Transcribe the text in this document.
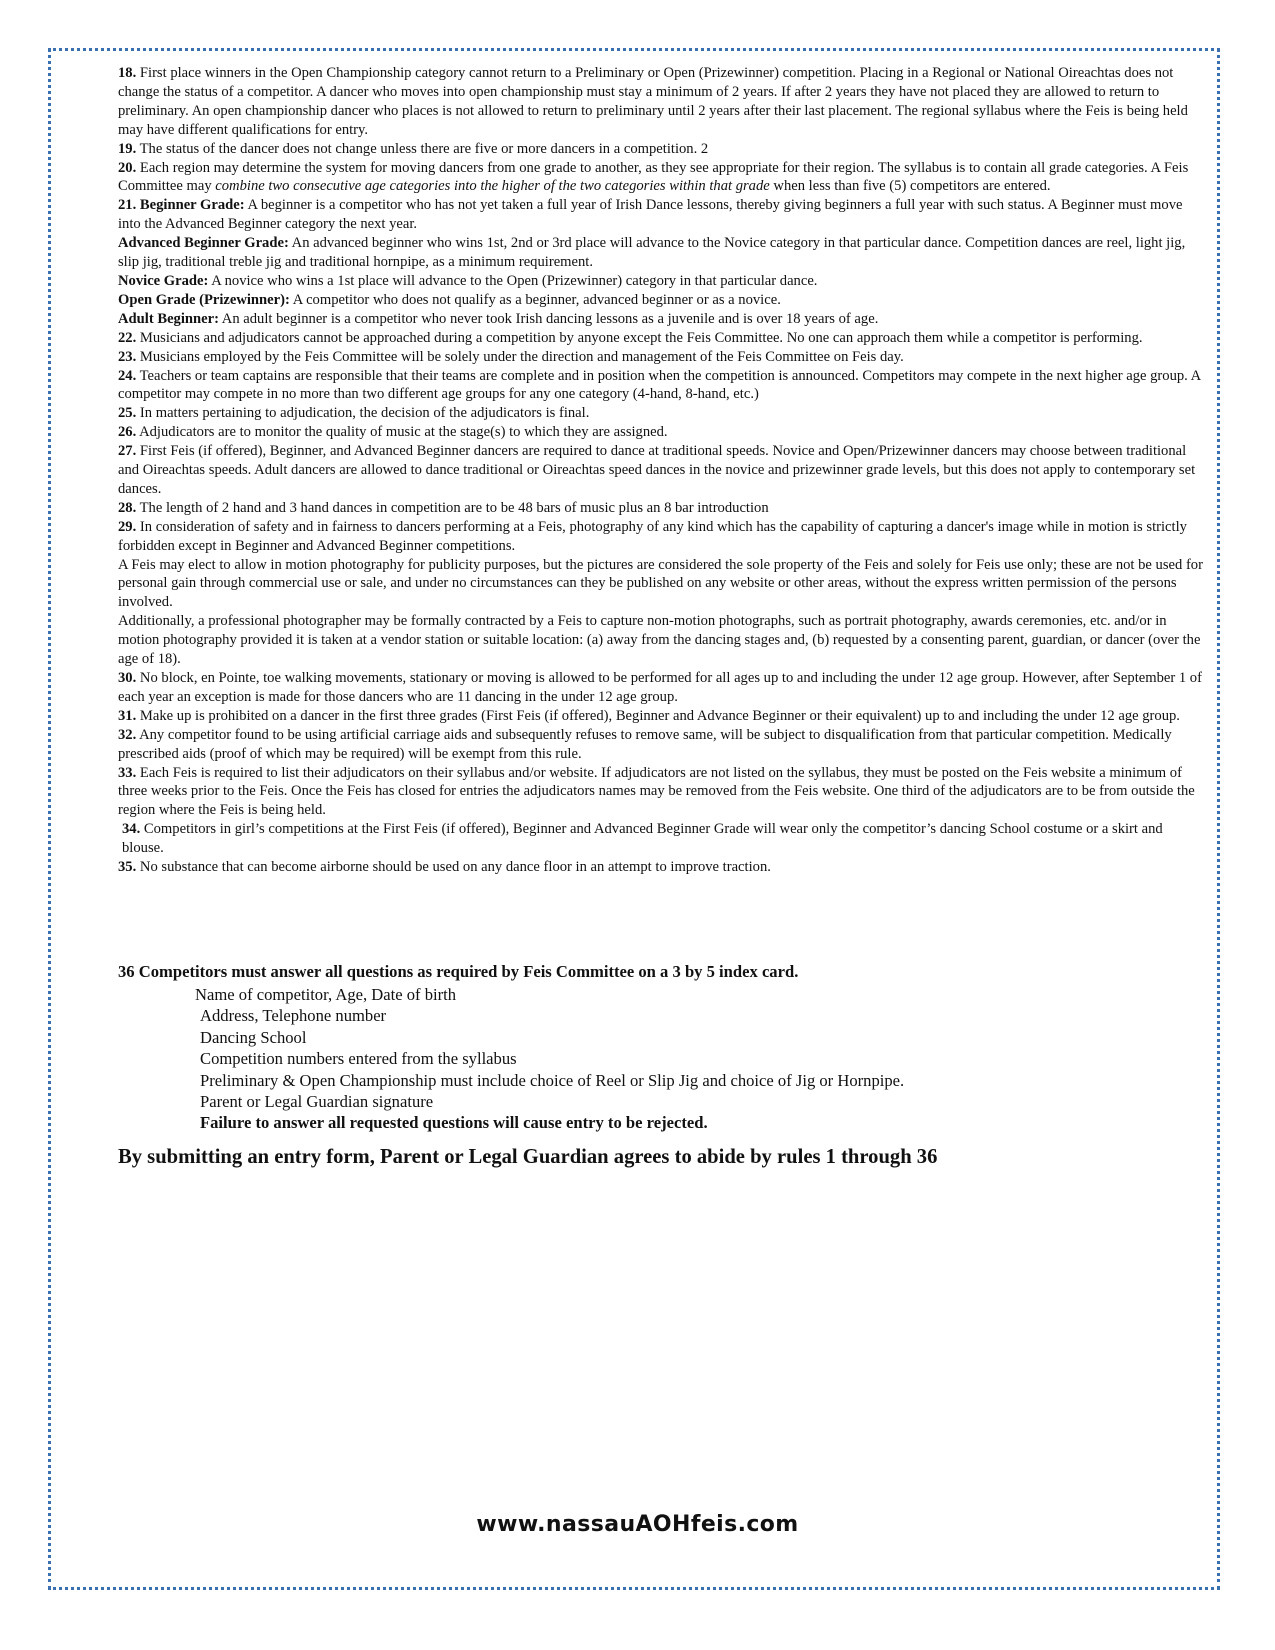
18. First place winners in the Open Championship category cannot return to a Preliminary or Open (Prizewinner) competition. Placing in a Regional or National Oireachtas does not change the status of a competitor. A dancer who moves into open championship must stay a minimum of 2 years. If after 2 years they have not placed they are allowed to return to preliminary. An open championship dancer who places is not allowed to return to preliminary until 2 years after their last placement. The regional syllabus where the Feis is being held may have different qualifications for entry.

19. The status of the dancer does not change unless there are five or more dancers in a competition. 2

20. Each region may determine the system for moving dancers from one grade to another, as they see appropriate for their region. The syllabus is to contain all grade categories. A Feis Committee may combine two consecutive age categories into the higher of the two categories within that grade when less than five (5) competitors are entered.

21. Beginner Grade: A beginner is a competitor who has not yet taken a full year of Irish Dance lessons, thereby giving beginners a full year with such status. A Beginner must move into the Advanced Beginner category the next year.

Advanced Beginner Grade: An advanced beginner who wins 1st, 2nd or 3rd place will advance to the Novice category in that particular dance. Competition dances are reel, light jig, slip jig, traditional treble jig and traditional hornpipe, as a minimum requirement.

Novice Grade: A novice who wins a 1st place will advance to the Open (Prizewinner) category in that particular dance.

Open Grade (Prizewinner): A competitor who does not qualify as a beginner, advanced beginner or as a novice.

Adult Beginner: An adult beginner is a competitor who never took Irish dancing lessons as a juvenile and is over 18 years of age.

22. Musicians and adjudicators cannot be approached during a competition by anyone except the Feis Committee. No one can approach them while a competitor is performing.

23. Musicians employed by the Feis Committee will be solely under the direction and management of the Feis Committee on Feis day.

24. Teachers or team captains are responsible that their teams are complete and in position when the competition is announced. Competitors may compete in the next higher age group. A competitor may compete in no more than two different age groups for any one category (4-hand, 8-hand, etc.)

25. In matters pertaining to adjudication, the decision of the adjudicators is final.

26. Adjudicators are to monitor the quality of music at the stage(s) to which they are assigned.

27. First Feis (if offered), Beginner, and Advanced Beginner dancers are required to dance at traditional speeds. Novice and Open/Prizewinner dancers may choose between traditional and Oireachtas speeds. Adult dancers are allowed to dance traditional or Oireachtas speed dances in the novice and prizewinner grade levels, but this does not apply to contemporary set dances.

28. The length of 2 hand and 3 hand dances in competition are to be 48 bars of music plus an 8 bar introduction

29. In consideration of safety and in fairness to dancers performing at a Feis, photography of any kind which has the capability of capturing a dancer's image while in motion is strictly forbidden except in Beginner and Advanced Beginner competitions.

A Feis may elect to allow in motion photography for publicity purposes, but the pictures are considered the sole property of the Feis and solely for Feis use only; these are not be used for personal gain through commercial use or sale, and under no circumstances can they be published on any website or other areas, without the express written permission of the persons involved.

Additionally, a professional photographer may be formally contracted by a Feis to capture non-motion photographs, such as portrait photography, awards ceremonies, etc. and/or in motion photography provided it is taken at a vendor station or suitable location: (a) away from the dancing stages and, (b) requested by a consenting parent, guardian, or dancer (over the age of 18).

30. No block, en Pointe, toe walking movements, stationary or moving is allowed to be performed for all ages up to and including the under 12 age group. However, after September 1 of each year an exception is made for those dancers who are 11 dancing in the under 12 age group.

31. Make up is prohibited on a dancer in the first three grades (First Feis (if offered), Beginner and Advance Beginner or their equivalent) up to and including the under 12 age group.

32. Any competitor found to be using artificial carriage aids and subsequently refuses to remove same, will be subject to disqualification from that particular competition. Medically prescribed aids (proof of which may be required) will be exempt from this rule.

33. Each Feis is required to list their adjudicators on their syllabus and/or website. If adjudicators are not listed on the syllabus, they must be posted on the Feis website a minimum of three weeks prior to the Feis. Once the Feis has closed for entries the adjudicators names may be removed from the Feis website. One third of the adjudicators are to be from outside the region where the Feis is being held.

34. Competitors in girl’s competitions at the First Feis (if offered), Beginner and Advanced Beginner Grade will wear only the competitor’s dancing School costume or a skirt and blouse.

35. No substance that can become airborne should be used on any dance floor in an attempt to improve traction.

36 Competitors must answer all questions as required by Feis Committee on a 3 by 5 index card.

Name of competitor, Age, Date of birth
Address, Telephone number
Dancing School
Competition numbers entered from the syllabus
Preliminary & Open Championship must include choice of Reel or Slip Jig and choice of Jig or Hornpipe.
Parent or Legal Guardian signature
Failure to answer all requested questions will cause entry to be rejected.

By submitting an entry form, Parent or Legal Guardian agrees to abide by rules 1 through 36

www.nassauAOHfeis.com
